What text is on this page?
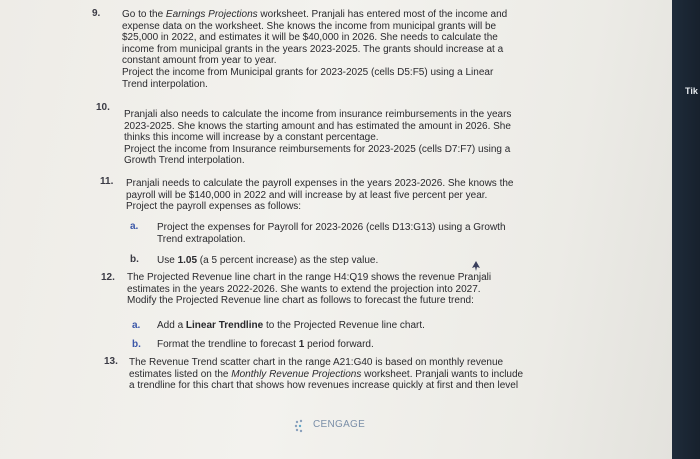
9. Go to the Earnings Projections worksheet. Pranjali has entered most of the income and
expense data on the worksheet. She knows the income from municipal grants will be
$25,000 in 2022, and estimates it will be $40,000 in 2026. She needs to calculate the
income from municipal grants in the years 2023-2025. The grants should increase at a
constant amount from year to year.
Project the income from Municipal grants for 2023-2025 (cells D5:F5) using a Linear
Trend interpolation.
10.
Pranjali also needs to calculate the income from insurance reimbursements in the years
2023-2025. She knows the starting amount and has estimated the amount in 2026. She
thinks this income will increase by a constant percentage.
Project the income from Insurance reimbursements for 2023-2025 (cells D7:F7) using a
Growth Trend interpolation.
11. Pranjali needs to calculate the payroll expenses in the years 2023-2026. She knows the
payroll will be $140,000 in 2022 and will increase by at least five percent per year.
Project the payroll expenses as follows:
a. Project the expenses for Payroll for 2023-2026 (cells D13:G13) using a Growth
Trend extrapolation.
b. Use 1.05 (a 5 percent increase) as the step value.
12. The Projected Revenue line chart in the range H4:Q19 shows the revenue Pranjali
estimates in the years 2022-2026. She wants to extend the projection into 2027.
Modify the Projected Revenue line chart as follows to forecast the future trend:
a. Add a Linear Trendline to the Projected Revenue line chart.
b. Format the trendline to forecast 1 period forward.
13. The Revenue Trend scatter chart in the range A21:G40 is based on monthly revenue
estimates listed on the Monthly Revenue Projections worksheet. Pranjali wants to include
a trendline for this chart that shows how revenues increase quickly at first and then level
CENGAGE
Tik
